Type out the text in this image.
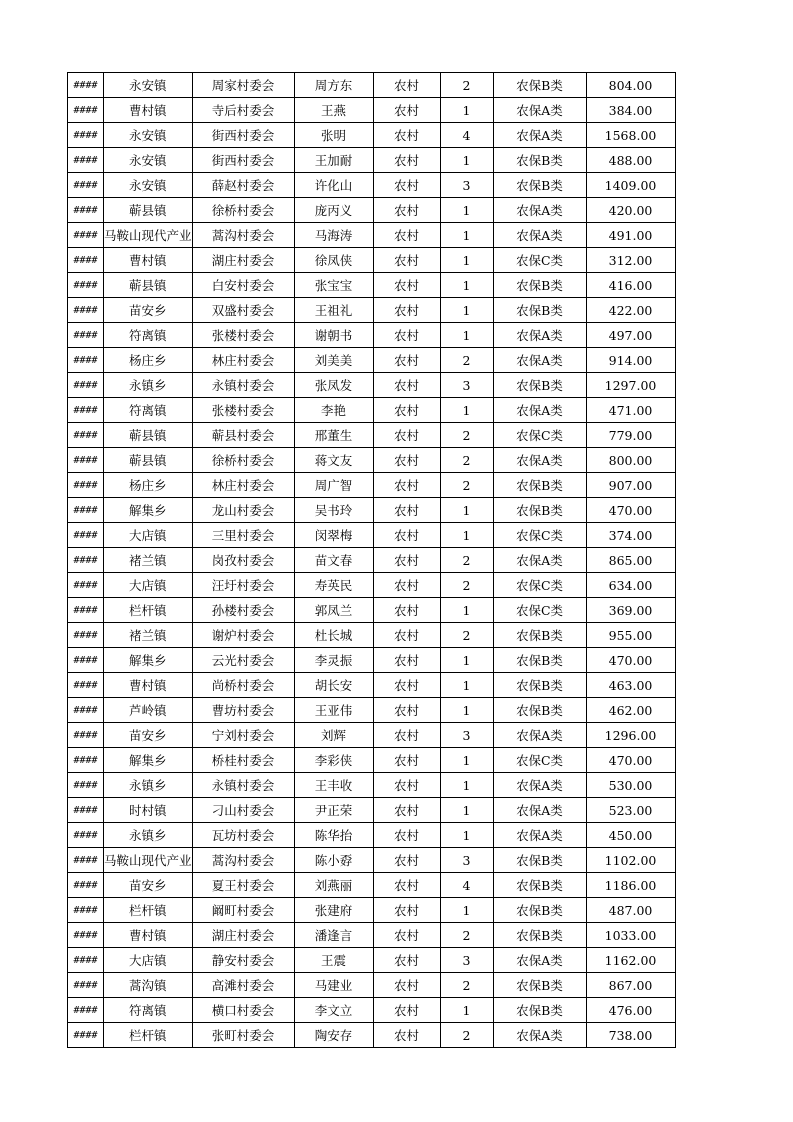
####	永安镇	周家村委会	周方东	农村	2	农保B类	804.00
####	曹村镇	寺后村委会	王燕	农村	1	农保A类	384.00
####	永安镇	街西村委会	张明	农村	4	农保A类	1568.00
####	永安镇	街西村委会	王加耐	农村	1	农保B类	488.00
####	永安镇	薛赵村委会	许化山	农村	3	农保B类	1409.00
####	蕲县镇	徐桥村委会	庞丙义	农村	1	农保A类	420.00
####	马鞍山现代产业	蒿沟村委会	马海涛	农村	1	农保A类	491.00
####	曹村镇	湖庄村委会	徐凤侠	农村	1	农保C类	312.00
####	蕲县镇	白安村委会	张宝宝	农村	1	农保B类	416.00
####	苗安乡	双盛村委会	王祖礼	农村	1	农保B类	422.00
####	符离镇	张楼村委会	谢朝书	农村	1	农保A类	497.00
####	杨庄乡	林庄村委会	刘美美	农村	2	农保A类	914.00
####	永镇乡	永镇村委会	张凤发	农村	3	农保B类	1297.00
####	符离镇	张楼村委会	李艳	农村	1	农保A类	471.00
####	蕲县镇	蕲县村委会	邢董生	农村	2	农保C类	779.00
####	蕲县镇	徐桥村委会	蒋文友	农村	2	农保A类	800.00
####	杨庄乡	林庄村委会	周广智	农村	2	农保B类	907.00
####	解集乡	龙山村委会	吴书玲	农村	1	农保B类	470.00
####	大店镇	三里村委会	闵翠梅	农村	1	农保C类	374.00
####	褚兰镇	岗孜村委会	苗文春	农村	2	农保A类	865.00
####	大店镇	汪圩村委会	寿英民	农村	2	农保C类	634.00
####	栏杆镇	孙楼村委会	郭凤兰	农村	1	农保C类	369.00
####	褚兰镇	谢炉村委会	杜长城	农村	2	农保B类	955.00
####	解集乡	云光村委会	李灵振	农村	1	农保B类	470.00
####	曹村镇	尚桥村委会	胡长安	农村	1	农保B类	463.00
####	芦岭镇	曹坊村委会	王亚伟	农村	1	农保B类	462.00
####	苗安乡	宁刘村委会	刘辉	农村	3	农保A类	1296.00
####	解集乡	桥桂村委会	李彩侠	农村	1	农保C类	470.00
####	永镇乡	永镇村委会	王丰收	农村	1	农保A类	530.00
####	时村镇	刁山村委会	尹正荣	农村	1	农保A类	523.00
####	永镇乡	瓦坊村委会	陈华抬	农村	1	农保A类	450.00
####	马鞍山现代产业	蒿沟村委会	陈小孬	农村	3	农保B类	1102.00
####	苗安乡	夏王村委会	刘燕丽	农村	4	农保B类	1186.00
####	栏杆镇	阚町村委会	张建府	农村	1	农保B类	487.00
####	曹村镇	湖庄村委会	潘逢言	农村	2	农保B类	1033.00
####	大店镇	静安村委会	王震	农村	3	农保A类	1162.00
####	蒿沟镇	高滩村委会	马建业	农村	2	农保B类	867.00
####	符离镇	横口村委会	李文立	农村	1	农保B类	476.00
####	栏杆镇	张町村委会	陶安存	农村	2	农保A类	738.00
